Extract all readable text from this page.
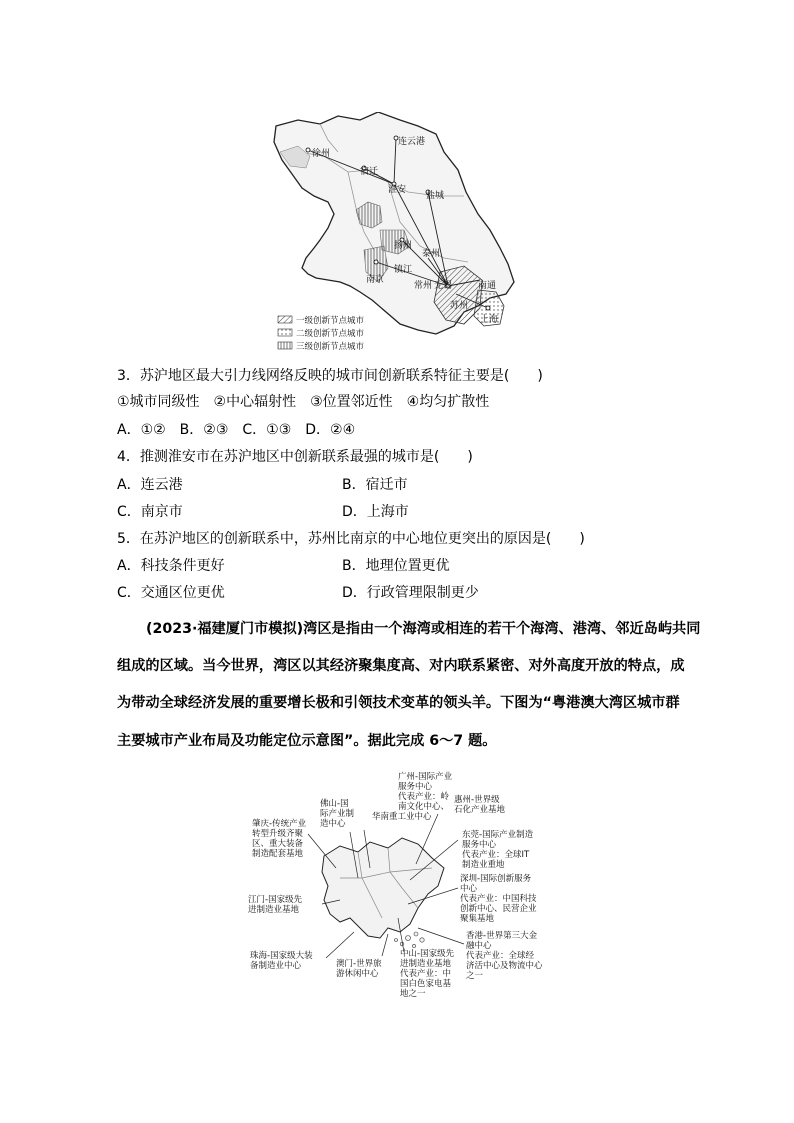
连云港
徐州
宿迁
淮安
盐城
扬州
泰州
南京
镇江
常州 无锡	南通
苏州
上海
一级创新节点城市
二级创新节点城市
三级创新节点城市
3．苏沪地区最大引力线网络反映的城市间创新联系特征主要是(　　)
①城市同级性　②中心辐射性　③位置邻近性　④均匀扩散性
A．①②　B．②③　C．①③　D．②④
4．推测淮安市在苏沪地区中创新联系最强的城市是(　　)
A．连云港	B．宿迁市
C．南京市	D．上海市
5．在苏沪地区的创新联系中，苏州比南京的中心地位更突出的原因是(　　)
A．科技条件更好	B．地理位置更优
C．交通区位更优	D．行政管理限制更少
(2023·福建厦门市模拟)湾区是指由一个海湾或相连的若干个海湾、港湾、邻近岛屿共同
组成的区域。当今世界，湾区以其经济聚集度高、对内联系紧密、对外高度开放的特点，成
为带动全球经济发展的重要增长极和引领技术变革的领头羊。下图为“粤港澳大湾区城市群
主要城市产业布局及功能定位示意图”。据此完成 6～7 题。
广州-国际产业
服务中心
代表产业：岭
南文化中心、
华南重工业中心
佛山-国
际产业制
造中心
惠州-世界级
石化产业基地
肇庆-传统产业
转型升级齐聚
区、重大装备
制造配套基地
东莞-国际产业制造
服务中心
代表产业：全球IT
制造业重地
深圳-国际创新服务
中心
代表产业：中国科技
创新中心、民营企业
聚集基地
江门-国家级先
进制造业基地
香港-世界第三大金
融中心
代表产业：全球经
济活中心及物流中心
之一
珠海-国家级大装
备制造业中心	澳门-世界旅
游休闲中心
中山-国家级先
进制造业基地
代表产业：中
国白色家电基
地之一
